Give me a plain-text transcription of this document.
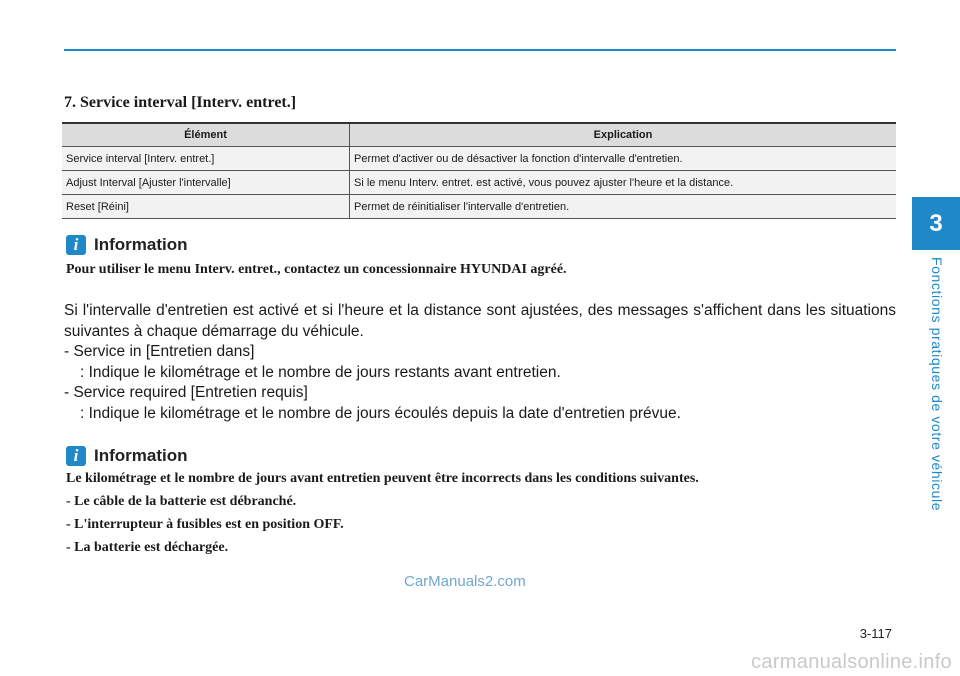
3
Fonctions pratiques de votre véhicule
7. Service interval [Interv. entret.]
Élément	Explication
Service interval [Interv. entret.]	Permet d'activer ou de désactiver la fonction d'intervalle d'entretien.
Adjust Interval [Ajuster l'intervalle]	Si le menu Interv. entret. est activé, vous pouvez ajuster l'heure et la distance.
Reset [Réini]	Permet de réinitialiser l'intervalle d'entretien.
i Information
Pour utiliser le menu Interv. entret., contactez un concessionnaire HYUNDAI agréé.
Si l'intervalle d'entretien est activé et si l'heure et la distance sont ajustées, des messages s'affichent dans les situations suivantes à chaque démarrage du véhicule.
- Service in [Entretien dans]
: Indique le kilométrage et le nombre de jours restants avant entretien.
- Service required [Entretien requis]
: Indique le kilométrage et le nombre de jours écoulés depuis la date d'entretien prévue.
i Information
Le kilométrage et le nombre de jours avant entretien peuvent être incorrects dans les conditions suivantes.
- Le câble de la batterie est débranché.
- L'interrupteur à fusibles est en position OFF.
- La batterie est déchargée.
CarManuals2.com
3-117
carmanualsonline.info
